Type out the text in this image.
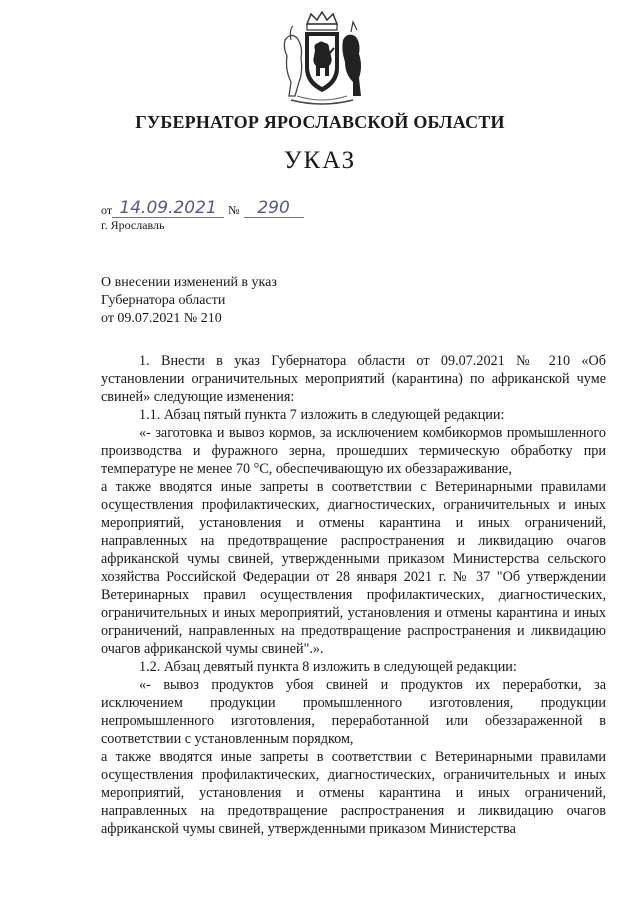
ГУБЕРНАТОР ЯРОСЛАВСКОЙ ОБЛАСТИ
УКАЗ
от 14.09.2021 №	290
г. Ярославль
О внесении изменений в указ
Губернатора области
от 09.07.2021 № 210

1. Внести в указ Губернатора области от 09.07.2021 № 210 «Об установлении ограничительных мероприятий (карантина) по африканской чуме свиней» следующие изменения:

1.1. Абзац пятый пункта 7 изложить в следующей редакции:

«- заготовка и вывоз кормов, за исключением комбикормов промышленного производства и фуражного зерна, прошедших термическую обработку при температуре не менее 70 °С, обеспечивающую их обеззараживание,

а также вводятся иные запреты в соответствии с Ветеринарными правилами осуществления профилактических, диагностических, ограничительных и иных мероприятий, установления и отмены карантина и иных ограничений, направленных на предотвращение распространения и ликвидацию очагов африканской чумы свиней, утвержденными приказом Министерства сельского хозяйства Российской Федерации от 28 января 2021 г. № 37 "Об утверждении Ветеринарных правил осуществления профилактических, диагностических, ограничительных и иных мероприятий, установления и отмены карантина и иных ограничений, направленных на предотвращение распространения и ликвидацию очагов африканской чумы свиней".».

1.2. Абзац девятый пункта 8 изложить в следующей редакции:

«- вывоз продуктов убоя свиней и продуктов их переработки, за исключением продукции промышленного изготовления, продукции непромышленного изготовления, переработанной или обеззараженной в соответствии с установленным порядком,

а также вводятся иные запреты в соответствии с Ветеринарными правилами осуществления профилактических, диагностических, ограничительных и иных мероприятий, установления и отмены карантина и иных ограничений, направленных на предотвращение распространения и ликвидацию очагов африканской чумы свиней, утвержденными приказом Министерства
